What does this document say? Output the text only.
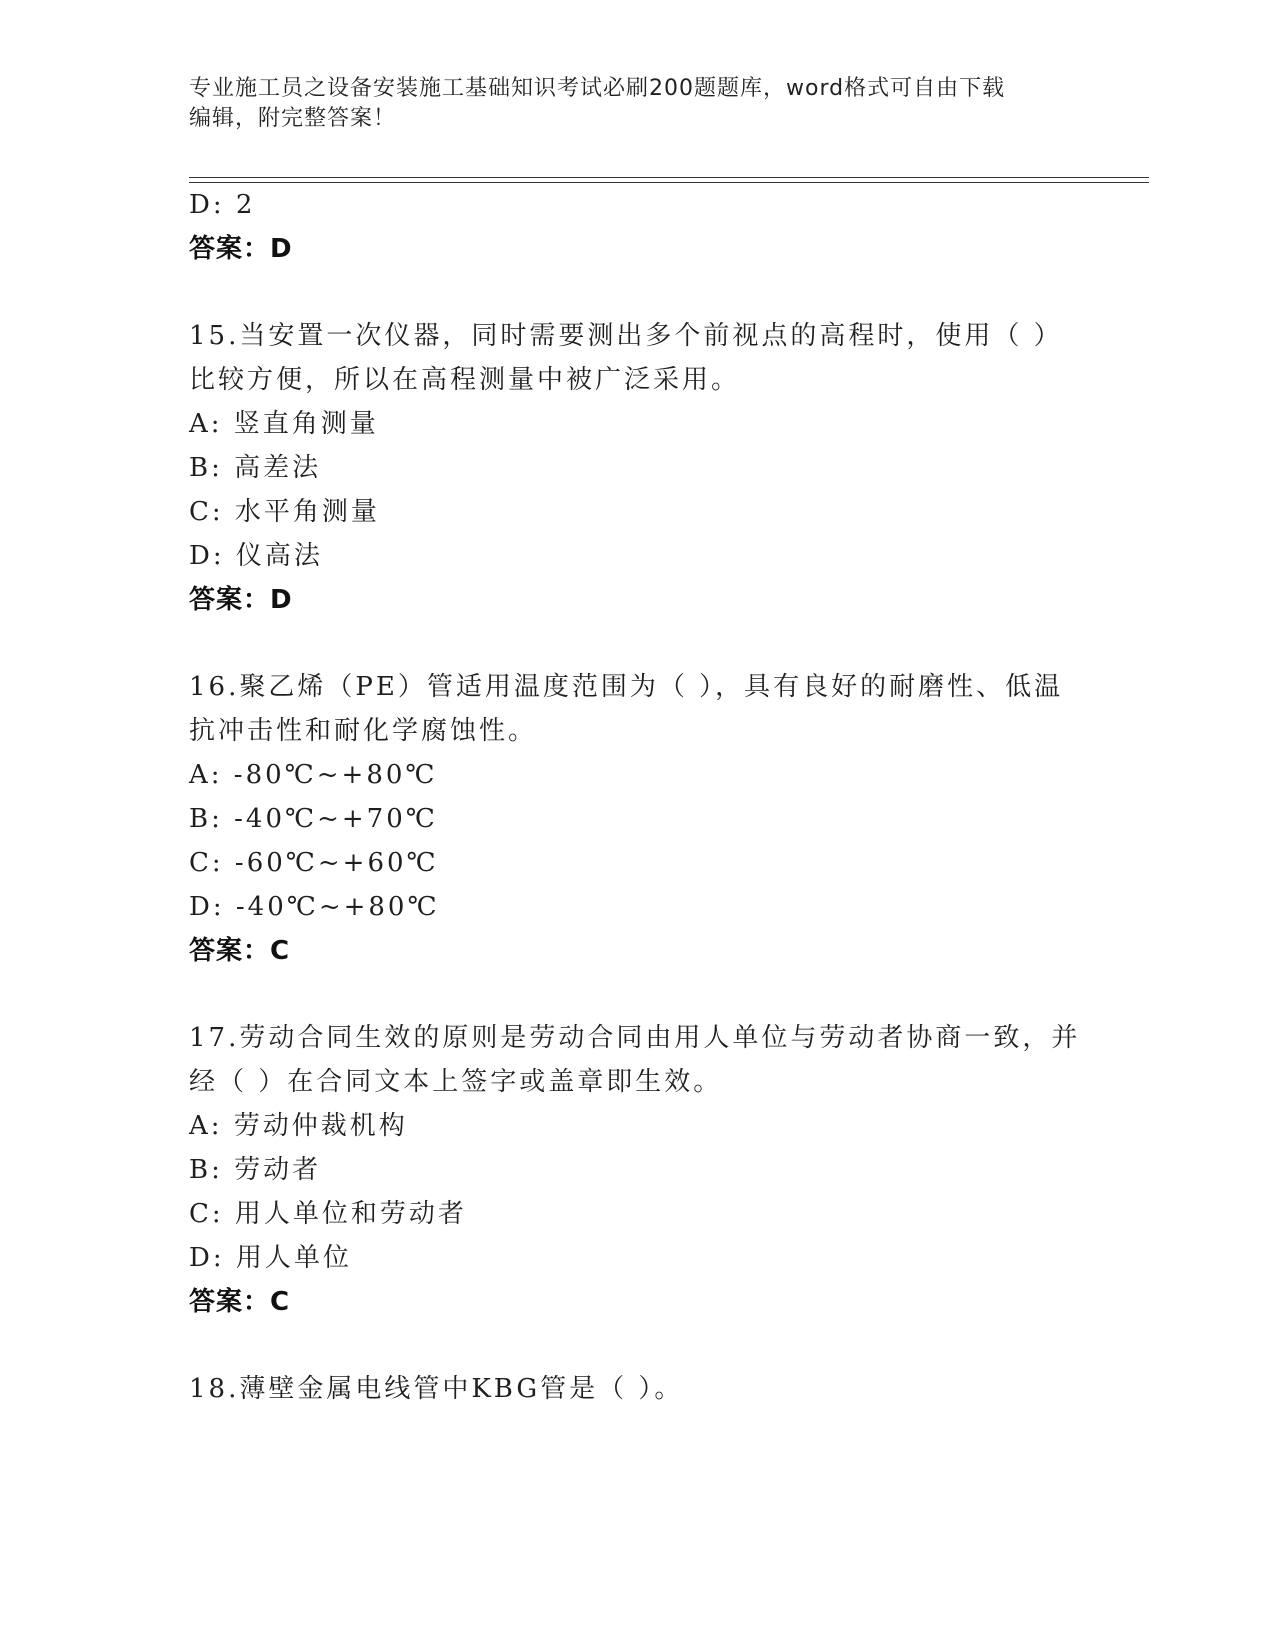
专业施工员之设备安装施工基础知识考试必刷200题题库，word格式可自由下载
编辑，附完整答案！
D: 2
答案：D
15.当安置一次仪器，同时需要测出多个前视点的高程时，使用（ ）
比较方便，所以在高程测量中被广泛采用。
A: 竖直角测量
B: 高差法
C: 水平角测量
D: 仪高法
答案：D
16.聚乙烯（PE）管适用温度范围为（ ），具有良好的耐磨性、低温
抗冲击性和耐化学腐蚀性。
A: -80℃~+80℃
B: -40℃~+70℃
C: -60℃~+60℃
D: -40℃~+80℃
答案：C
17.劳动合同生效的原则是劳动合同由用人单位与劳动者协商一致，并
经（ ）在合同文本上签字或盖章即生效。
A: 劳动仲裁机构
B: 劳动者
C: 用人单位和劳动者
D: 用人单位
答案：C
18.薄壁金属电线管中KBG管是（ ）。
